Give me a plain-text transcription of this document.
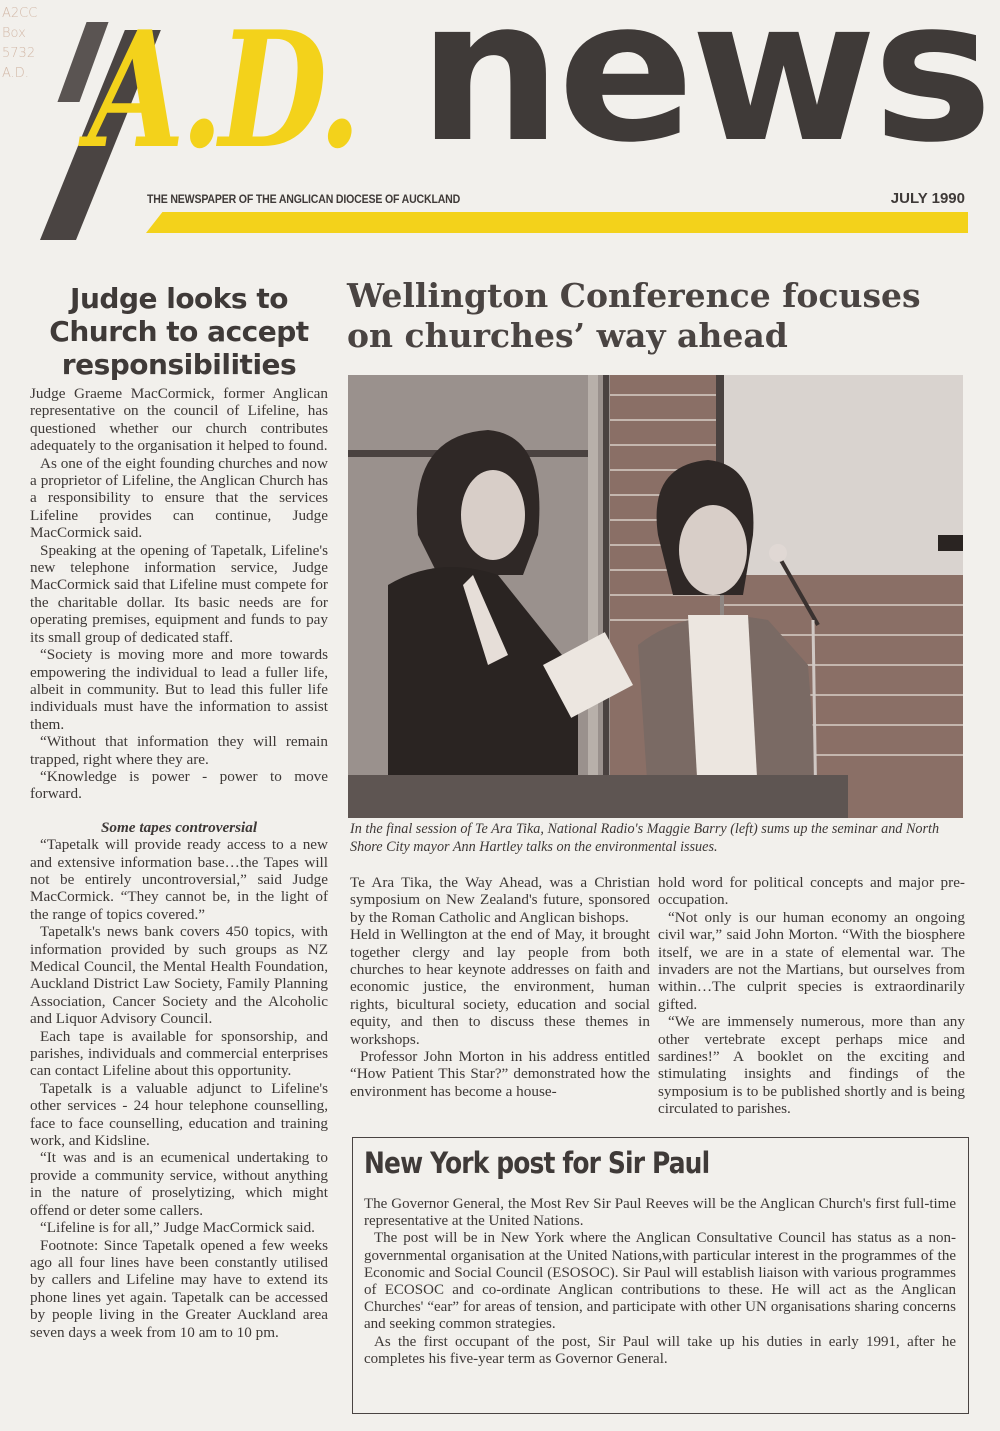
A2CC
Box
5732
A.D. A.D. news
THE NEWSPAPER OF THE ANGLICAN DIOCESE OF AUCKLAND	JULY 1990
Judge looks to Church to accept responsibilities

Judge Graeme MacCormick, former Anglican representative on the council of Lifeline, has questioned whether our church contributes adequately to the organisation it helped to found.

As one of the eight founding churches and now a proprietor of Lifeline, the Anglican Church has a responsibility to ensure that the services Lifeline provides can continue, Judge MacCormick said.

Speaking at the opening of Tapetalk, Lifeline's new telephone information service, Judge MacCormick said that Lifeline must compete for the charitable dollar. Its basic needs are for operating premises, equipment and funds to pay its small group of dedicated staff.

“Society is moving more and more towards empowering the individual to lead a fuller life, albeit in community. But to lead this fuller life individuals must have the information to assist them.

“Without that information they will remain trapped, right where they are.

“Knowledge is power - power to move forward.

Some tapes controversial

“Tapetalk will provide ready access to a new and extensive information base…the Tapes will not be entirely uncontroversial,” said Judge MacCormick. “They cannot be, in the light of the range of topics covered.”

Tapetalk's news bank covers 450 topics, with information provided by such groups as NZ Medical Council, the Mental Health Foundation, Auckland District Law Society, Family Planning Association, Cancer Society and the Alcoholic and Liquor Advisory Council.

Each tape is available for sponsorship, and parishes, individuals and commercial enterprises can contact Lifeline about this opportunity.

Tapetalk is a valuable adjunct to Lifeline's other services - 24 hour telephone counselling, face to face counselling, education and training work, and Kidsline.

“It was and is an ecumenical undertaking to provide a community service, without anything in the nature of proselytizing, which might offend or deter some callers.

“Lifeline is for all,” Judge MacCormick said.

Footnote: Since Tapetalk opened a few weeks ago all four lines have been constantly utilised by callers and Lifeline may have to extend its phone lines yet again. Tapetalk can be accessed by people living in the Greater Auckland area seven days a week from 10 am to 10 pm.

Wellington Conference focuses on churches’ way ahead
In the final session of Te Ara Tika, National Radio's Maggie Barry (left) sums up the seminar and North Shore City mayor Ann Hartley talks on the environmental issues.

Te Ara Tika, the Way Ahead, was a Christian symposium on New Zealand's future, sponsored by the Roman Catholic and Anglican bishops.

Held in Wellington at the end of May, it brought together clergy and lay people from both churches to hear keynote addresses on faith and economic justice, the environment, human rights, bicultural society, education and social equity, and then to discuss these themes in workshops.

Professor John Morton in his address entitled “How Patient This Star?” demonstrated how the environment has become a house-

hold word for political concepts and major pre-occupation.

“Not only is our human economy an ongoing civil war,” said John Morton. “With the biosphere itself, we are in a state of elemental war. The invaders are not the Martians, but ourselves from within…The culprit species is extraordinarily gifted.

“We are immensely numerous, more than any other vertebrate except perhaps mice and sardines!” A booklet on the exciting and stimulating insights and findings of the symposium is to be published shortly and is being circulated to parishes.

New York post for Sir Paul

The Governor General, the Most Rev Sir Paul Reeves will be the Anglican Church's first full-time representative at the United Nations.

The post will be in New York where the Anglican Consultative Council has status as a non-governmental organisation at the United Nations,with particular interest in the programmes of the Economic and Social Council (ESOSOC). Sir Paul will establish liaison with various programmes of ECOSOC and co-ordinate Anglican contributions to these. He will act as the Anglican Churches' “ear” for areas of tension, and participate with other UN organisations sharing concerns and seeking common strategies.

As the first occupant of the post, Sir Paul will take up his duties in early 1991, after he completes his five-year term as Governor General.
